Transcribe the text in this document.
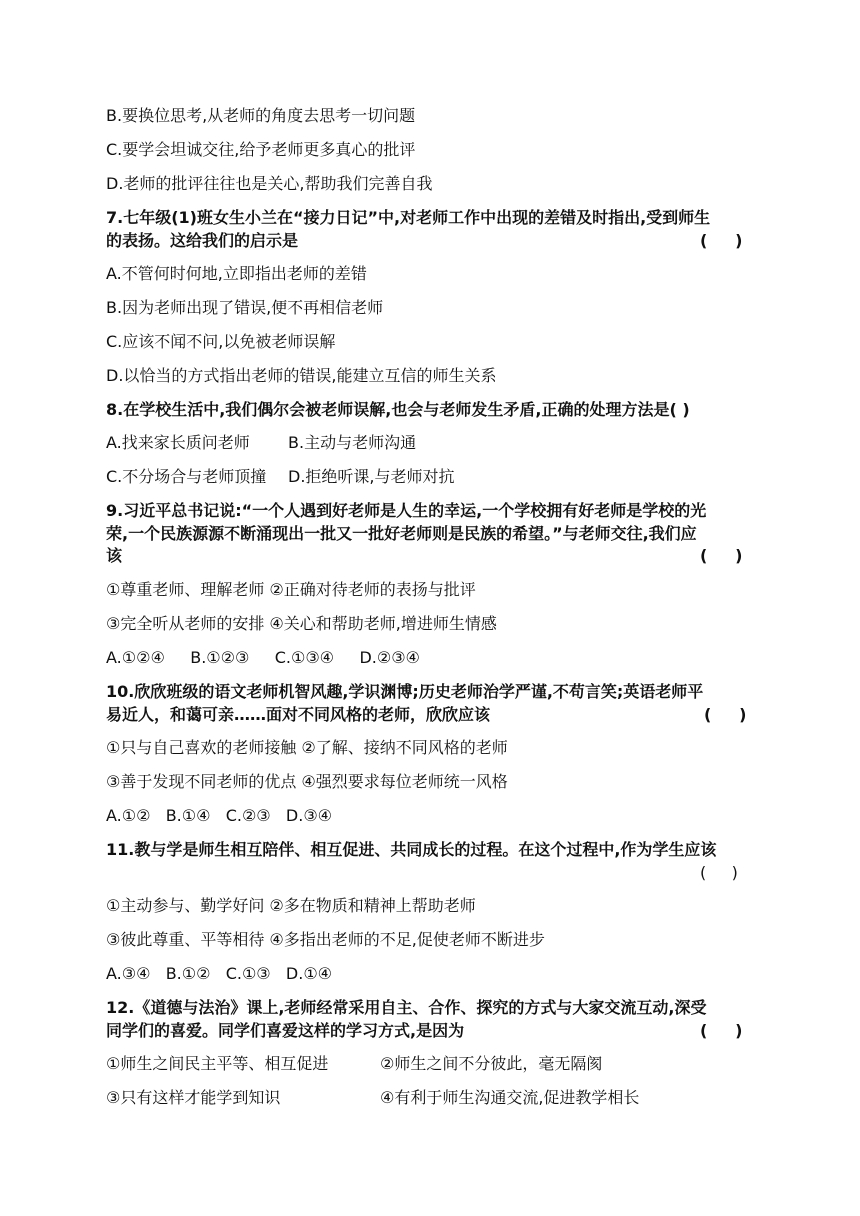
B.要换位思考,从老师的角度去思考一切问题
C.要学会坦诚交往,给予老师更多真心的批评
D.老师的批评往往也是关心,帮助我们完善自我
7.七年级(1)班女生小兰在“接力日记”中,对老师工作中出现的差错及时指出,受到师生
的表扬。这给我们的启示是	(     )
A.不管何时何地,立即指出老师的差错
B.因为老师出现了错误,便不再相信老师
C.应该不闻不问,以免被老师误解
D.以恰当的方式指出老师的错误,能建立互信的师生关系
8.在学校生活中,我们偶尔会被老师误解,也会与老师发生矛盾,正确的处理方法是( )
A.找来家长质问老师 B.主动与老师沟通
C.不分场合与老师顶撞 D.拒绝听课,与老师对抗
9.习近平总书记说:“一个人遇到好老师是人生的幸运,一个学校拥有好老师是学校的光
荣,一个民族源源不断涌现出一批又一批好老师则是民族的希望。”与老师交往,我们应
该	(     )
①尊重老师、理解老师 ②正确对待老师的表扬与批评
③完全听从老师的安排 ④关心和帮助老师,增进师生情感
A.①②④     B.①②③     C.①③④     D.②③④
10.欣欣班级的语文老师机智风趣,学识渊博;历史老师治学严谨,不苟言笑;英语老师平
易近人，和蔼可亲……面对不同风格的老师，欣欣应该	(     )
①只与自己喜欢的老师接触 ②了解、接纳不同风格的老师
③善于发现不同老师的优点 ④强烈要求每位老师统一风格
A.①②   B.①④   C.②③   D.③④
11.教与学是师生相互陪伴、相互促进、共同成长的过程。在这个过程中,作为学生应该
(     )
①主动参与、勤学好问 ②多在物质和精神上帮助老师
③彼此尊重、平等相待 ④多指出老师的不足,促使老师不断进步
A.③④   B.①②   C.①③   D.①④
12.《道德与法治》课上,老师经常采用自主、合作、探究的方式与大家交流互动,深受
同学们的喜爱。同学们喜爱这样的学习方式,是因为	(     )
①师生之间民主平等、相互促进	②师生之间不分彼此，毫无隔阂
③只有这样才能学到知识	④有利于师生沟通交流,促进教学相长
